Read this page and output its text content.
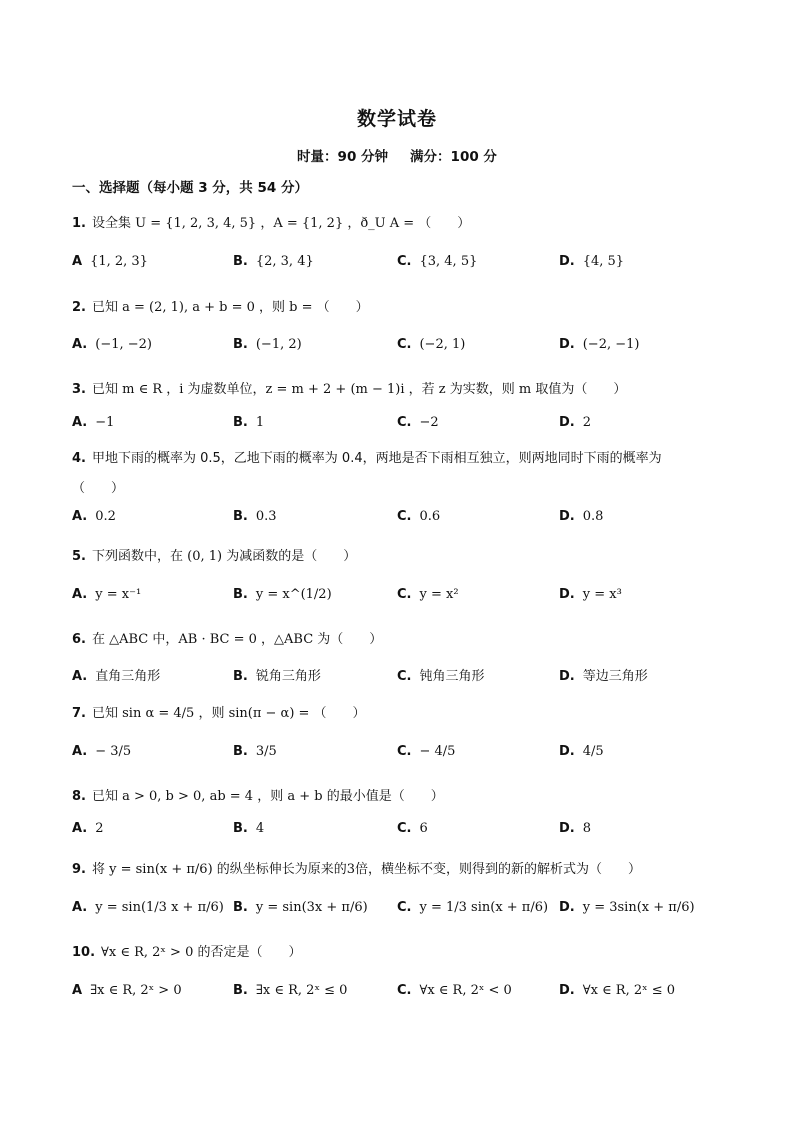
数学试卷
时量：90 分钟 满分：100 分
一、选择题（每小题 3 分，共 54 分）
1. 设全集 U = {1, 2, 3, 4, 5} ，A = {1, 2} ，ð_U A = （　　）
A {1, 2, 3}	B. {2, 3, 4}	C. {3, 4, 5}	D. {4, 5}
2. 已知 a = (2, 1), a + b = 0 ，则 b = （　　）
A. (−1, −2)	B. (−1, 2)	C. (−2, 1)	D. (−2, −1)
3. 已知 m ∈ R ，i 为虚数单位，z = m + 2 + (m − 1)i ，若 z 为实数，则 m 取值为（　　）
A. −1	B. 1	C. −2	D. 2
4. 甲地下雨的概率为 0.5，乙地下雨的概率为 0.4，两地是否下雨相互独立，则两地同时下雨的概率为
（　　）
A. 0.2	B. 0.3	C. 0.6	D. 0.8
5. 下列函数中，在 (0, 1) 为减函数的是（　　）
A. y = x⁻¹	B. y = x^(1/2)	C. y = x²	D. y = x³
6. 在 △ABC 中，AB · BC = 0 ，△ABC 为（　　）
A. 直角三角形	B. 锐角三角形	C. 钝角三角形	D. 等边三角形
7. 已知 sin α = 4/5 ，则 sin(π − α) = （　　）
A. − 3/5	B. 3/5	C. − 4/5	D. 4/5
8. 已知 a > 0, b > 0, ab = 4 ，则 a + b 的最小值是（　　）
A. 2	B. 4	C. 6	D. 8
9. 将 y = sin(x + π/6) 的纵坐标伸长为原来的3倍，横坐标不变，则得到的新的解析式为（　　）
A. y = sin(1/3 x + π/6) B. y = sin(3x + π/6) C. y = 1/3 sin(x + π/6) D. y = 3sin(x + π/6)
10. ∀x ∈ R, 2ˣ > 0 的否定是（　　）
A ∃x ∈ R, 2ˣ > 0	B. ∃x ∈ R, 2ˣ ≤ 0	C. ∀x ∈ R, 2ˣ < 0	D. ∀x ∈ R, 2ˣ ≤ 0
